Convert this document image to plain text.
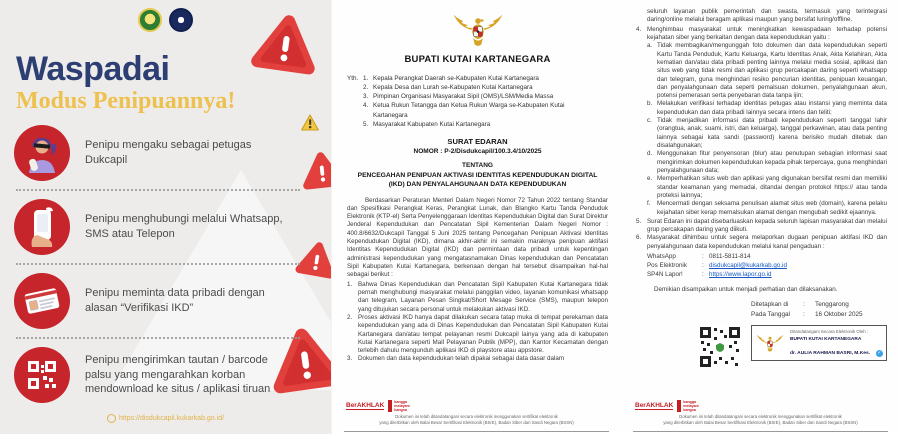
Waspadai
Modus Penipuannya!
Penipu mengaku sebagai petugas Dukcapil
Penipu menghubungi melalui Whatsapp, SMS atau Telepon
Penipu meminta data pribadi dengan alasan “Verifikasi IKD”
Penipu mengirimkan tautan / barcode palsu yang mengarahkan korban mendownload ke situs / aplikasi tiruan
https://disdukcapil.kukarkab.go.id/
BUPATI KUTAI KARTANEGARA
Yth. 1. Kepala Perangkat Daerah se-Kabupaten Kutai Kartanegara
2. Kepala Desa dan Lurah se-Kabupaten Kutai Kartanegara
3. Pimpinan Organisasi Masyarakat Sipil (OMS)/LSM/Media Massa
4. Ketua Rukun Tetangga dan Ketua Rukun Warga se-Kabupaten Kutai Kartanegara
5. Masyarakat Kabupaten Kutai Kartanegara
SURAT EDARAN
NOMOR : P-2/Disdukcapil/100.3.4/10/2025
TENTANG
PENCEGAHAN PENIPUAN AKTIVASI IDENTITAS KEPENDUDUKAN DIGITAL (IKD) DAN PENYALAHGUNAAN DATA KEPENDUDUKAN
Berdasarkan Peraturan Menteri Dalam Negeri Nomor 72 Tahun 2022 tentang Standar dan Spesifikasi Perangkat Keras, Perangkat Lunak, dan Blangko Kartu Tanda Penduduk Elektronik (KTP-el) Serta Penyelenggaraan Identitas Kependudukan Digital dan Surat Direktur Jenderal Kependudukan dan Pencatatan Sipil Kementerian Dalam Negeri Nomor : 400.8/6632/Dukcapil Tanggal 5 Juni 2025 tentang Pencegahan Penipuan Aktivasi Identitas Kependudukan Digital (IKD), dimana akhir-akhir ini semakin maraknya penipuan aktifasi Identitas Kependudukan Digital (IKD) dan permintaan data pribadi untuk kepentingan administrasi kependudukan yang mengatasnamakan Dinas kependudukan dan Pencatatan Sipil Kabupaten Kutai Kartanegara, berkenaan dengan hal tersebut disampaikan hal-hal sebagai berikut :
1. Bahwa Dinas Kependudukan dan Pencatatan Sipil Kabupaten Kutai Kartanegara tidak pernah menghubungi masyarakat melalui panggilan video, layanan komunikasi whatsapp dan telegram, Layanan Pesan Singkat/Short Mesage Service (SMS), maupun telepon yang ditujukan secara personal untuk melakukan aktivasi IKD.
2. Proses aktivasi IKD hanya dapat dilakukan secara tatap muka di tempat perekaman data kependudukan yang ada di Dinas Kependudukan dan Pencatatan Sipil Kabupaten Kutai Kartanegara dan/atau tempat pelayanan resmi Dukcapil lainya yang ada di kabupaten Kutai Kartanegara seperti Mall Pelayanan Publik (MPP), dan Kantor Kecamatan dengan terlebih dahulu mengunduh aplikasi IKD di playstore atau appstore.
3. Dokumen dan data kependudukan telah dipakai sebagai data dasar dalam
BerAKHLAK
bangga melayani bangsa
Dokumen ini telah ditandatangani secara elektronik menggunakan sertifikat elektronik
yang diterbitkan oleh Balai Besar Sertifikasi Elektronik (BSrE), Badan Siber dan Sandi Negara (BSSN)
seluruh layanan publik pemerintah dan swasta, termasuk yang terintegrasi daring/online melalui beragam aplikasi maupun yang bersifat luring/offline.
4. Menghimbau masyarakat untuk meningkatkan kewaspadaan terhadap potensi kejahatan siber yang berkaitan dengan data kependudukan yaitu :
a. Tidak membagikan/mengunggah foto dokumen dan data kependudukan seperti Kartu Tanda Penduduk, Kartu Keluarga, Kartu Identitas Anak, Akta Kelahiran, Akta kematian dan/atau data pribadi penting lainnya melalui media sosial, aplikasi dan situs web yang tidak resmi dan aplikasi grup percakapan daring seperti whatsapp dan telegram, guna menghindari resiko pencurian identitas, penipuan keuangan, dan penyalahgunaan data seperti pemalsuan dokumen, penyalahgunaan akun, potensi pemerasan serta penyebaran data tanpa ijin;
b. Melakukan verifikasi terhadap identitas petugas atau instansi yang meminta data kependudukan dan data pribadi lainnya secara intens dan teliti;
c. Tidak menjadikan informasi data pribadi kependudukan seperti tanggal lahir (orangtua, anak, suami, istri, dan keluarga), tanggal perkawinan, atau data penting lainnya sebagai kata sandi (password) karena berisiko mudah ditebak dan disalahgunakan;
d. Menggunakan fitur penyensoran (blur) atau penutupan sebagian informasi saat mengirimkan dokumen kependudukan kepada pihak terpercaya, guna menghindari penyalahgunaan data;
e. Memperhatikan situs web dan aplikasi yang digunakan bersifat resmi dan memiliki standar keamanan yang memadai, ditandai dengan protokol https:// atau tanda proteksi lainnya;
f.	Mencermati dengan seksama penulisan alamat situs web (domain), karena pelaku kejahatan siber kerap memalsukan alamat dengan mengubah sedikit ejaannya.
5. Surat Edaran ini dapat disebarluaskan kepada seluruh lapisan masyarakat dan melalui grup percakapan daring yang diikuti.
6. Masyarakat dihimbau untuk segera melaporkan dugaan penipuan aktifasi IKD dan penyalahgunaan data kependudukan melalui kanal pengaduan :
WhatsApp	: 0811-5811-814
Pos Elektronik	: disdukcapil@kukarkab.go.id
SP4N Lapor!	: https://www.lapor.go.id
Demikian disampaikan untuk menjadi perhatian dan dilaksanakan.
Ditetapkan di	:	Tenggarong
Pada Tanggal	:	16 Oktober 2025
Ditandatangani Secara Elektronik Oleh :
BUPATI KUTAI KARTANEGARA
dr. AULIA RAHMAN BASRI, M.Kes. ✓
BerAKHLAK
bangga melayani bangsa
Dokumen ini telah ditandatangani secara elektronik menggunakan sertifikat elektronik
yang diterbitkan oleh Balai Besar Sertifikasi Elektronik (BSrE), Badan Siber dan Sandi Negara (BSSN)
